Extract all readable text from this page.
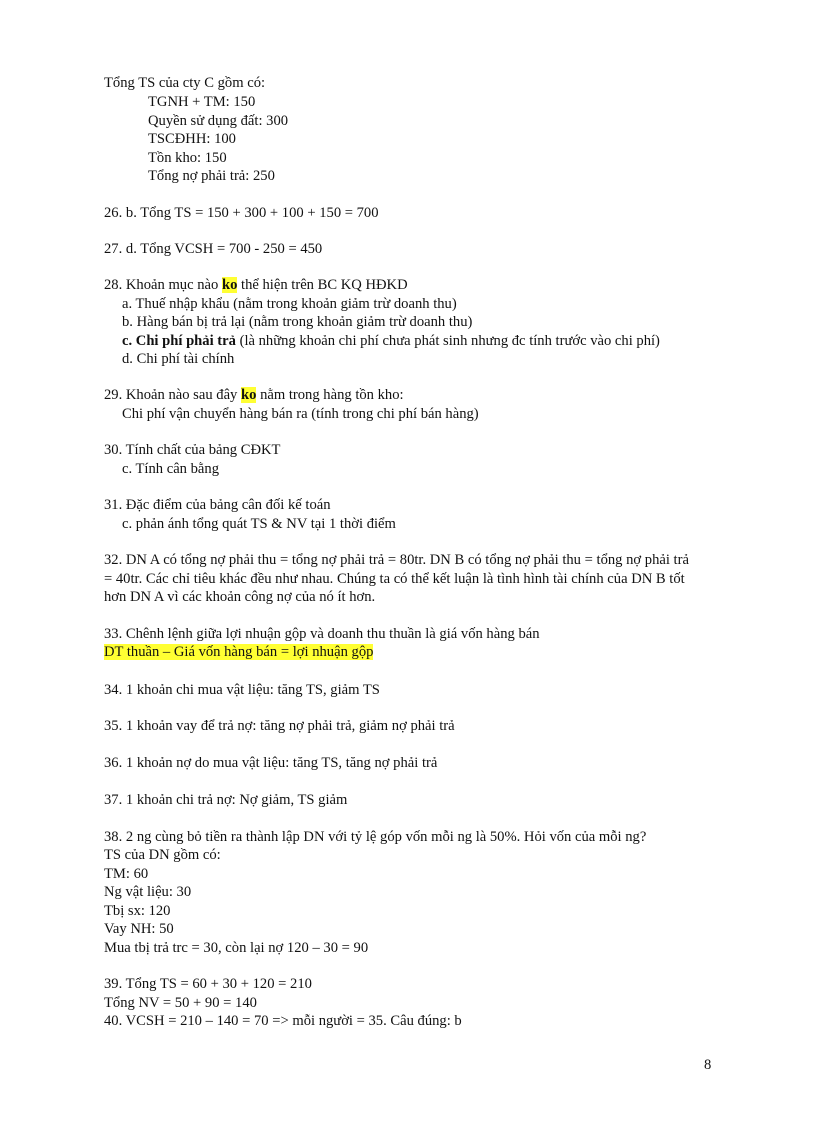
Tổng TS của cty C gồm có:
TGNH + TM: 150
Quyền sử dụng đất: 300
TSCĐHH: 100
Tồn kho: 150
Tổng nợ phải trả: 250
26. b. Tổng TS = 150 + 300 + 100 + 150 = 700
27. d. Tổng VCSH = 700 - 250 = 450
28. Khoản mục nào ko thể hiện trên BC KQ HĐKD
a. Thuế nhập khẩu (nằm trong khoản giảm trừ doanh thu)
b. Hàng bán bị trả lại (nằm trong khoản giảm trừ doanh thu)
c. Chi phí phải trả (là những khoản chi phí chưa phát sinh nhưng đc tính trước vào chi phí)
d. Chi phí tài chính
29. Khoản nào sau đây ko nằm trong hàng tồn kho:
Chi phí vận chuyển hàng bán ra (tính trong chi phí bán hàng)
30. Tính chất của bảng CĐKT
c. Tính cân bằng
31. Đặc điểm của bảng cân đối kế toán
c. phản ánh tổng quát TS & NV tại 1 thời điểm
32. DN A có tổng nợ phải thu = tổng nợ phải trả = 80tr. DN B có tổng nợ phải thu = tổng nợ phải trả
= 40tr. Các chỉ tiêu khác đều như nhau. Chúng ta có thể kết luận là tình hình tài chính của DN B tốt
hơn DN A vì các khoản công nợ của nó ít hơn.
33. Chênh lệnh giữa lợi nhuận gộp và doanh thu thuần là giá vốn hàng bán
DT thuần – Giá vốn hàng bán = lợi nhuận gộp
34. 1 khoản chi mua vật liệu: tăng TS, giảm TS
35. 1 khoản vay để trả nợ: tăng nợ phải trả, giảm nợ phải trả
36. 1 khoản nợ do mua vật liệu: tăng TS, tăng nợ phải trả
37. 1 khoản chi trả nợ: Nợ giảm, TS giảm
38. 2 ng cùng bỏ tiền ra thành lập DN với tỷ lệ góp vốn mỗi ng là 50%. Hỏi vốn của mỗi ng?
TS của DN gồm có:
TM: 60
Ng vật liệu: 30
Tbị sx: 120
Vay NH: 50
Mua tbị trả trc = 30, còn lại nợ 120 – 30 = 90
39. Tổng TS = 60 + 30 + 120 = 210
Tổng NV = 50 + 90 = 140
40. VCSH = 210 – 140 = 70 => mỗi người = 35. Câu đúng: b
8
